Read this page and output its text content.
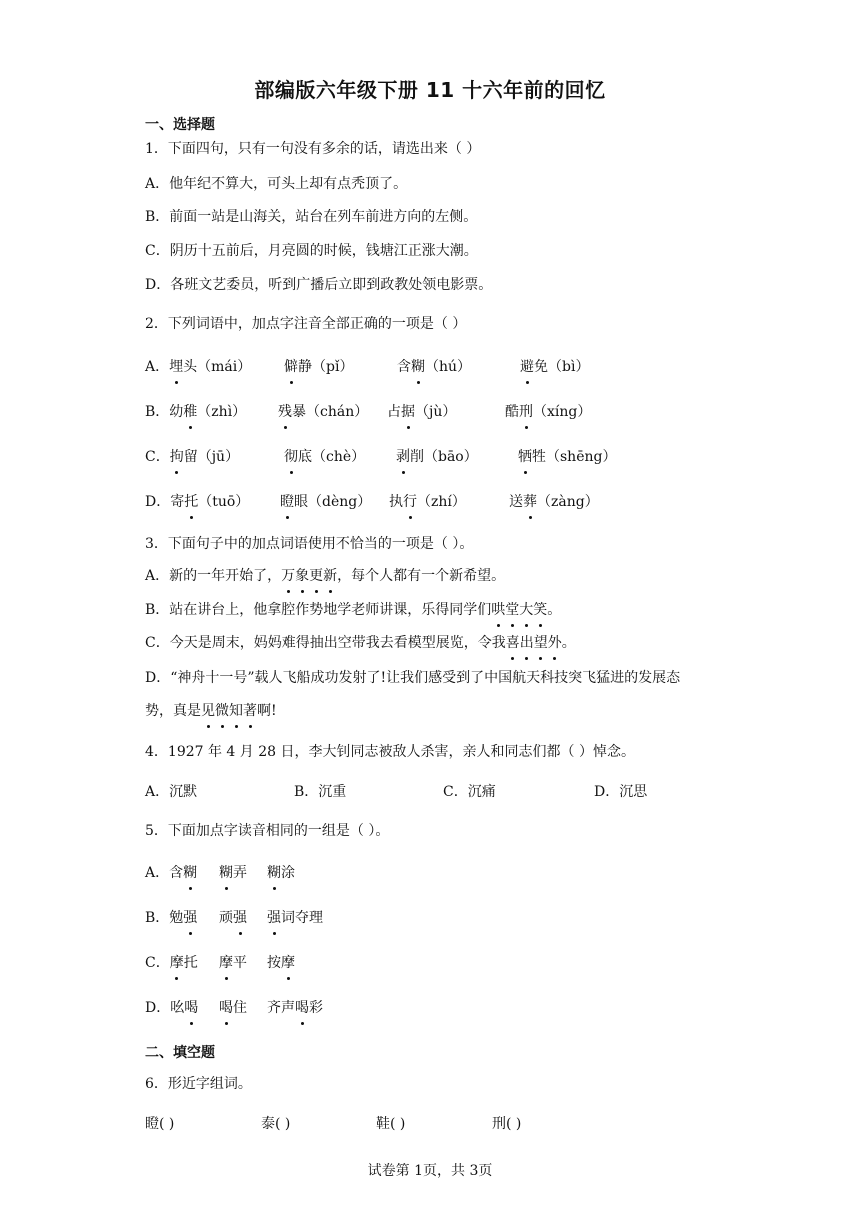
部编版六年级下册 11 十六年前的回忆
一、选择题
1．下面四句，只有一句没有多余的话，请选出来（ ）
A．他年纪不算大，可头上却有点秃顶了。
B．前面一站是山海关，站台在列车前进方向的左侧。
C．阴历十五前后，月亮圆的时候，钱塘江正涨大潮。
D．各班文艺委员，听到广播后立即到政教处领电影票。
2．下列词语中，加点字注音全部正确的一项是（ ）
A．埋头（mái） 僻静（pǐ）	含糊（hú）	避免（bì）
B．幼稚（zhì） 残暴（chán） 占据（jù）	酷刑（xíng）
C．拘留（jū）	彻底（chè） 剥削（bāo）	牺牲（shēng）
D．寄托（tuō） 瞪眼（dèng） 执行（zhí）	送葬（zàng）
3．下面句子中的加点词语使用不恰当的一项是（ ）。
A．新的一年开始了，万象更新，每个人都有一个新希望。
B．站在讲台上，他拿腔作势地学老师讲课，乐得同学们哄堂大笑。
C．今天是周末，妈妈难得抽出空带我去看模型展览，令我喜出望外。
D．“神舟十一号”载人飞船成功发射了!让我们感受到了中国航天科技突飞猛进的发展态
势，真是见微知著啊!
4．1927 年 4 月 28 日，李大钊同志被敌人杀害，亲人和同志们都（ ）悼念。
A．沉默	B．沉重	C．沉痛	D．沉思
5．下面加点字读音相同的一组是（ ）。
A．含糊 糊弄 糊涂
B．勉强 顽强 强词夺理
C．摩托 摩平 按摩
D．吆喝 喝住 齐声喝彩
二、填空题
6．形近字组词。
瞪( )	泰( )	鞋( )	刑( )
试卷第 1页，共 3页
